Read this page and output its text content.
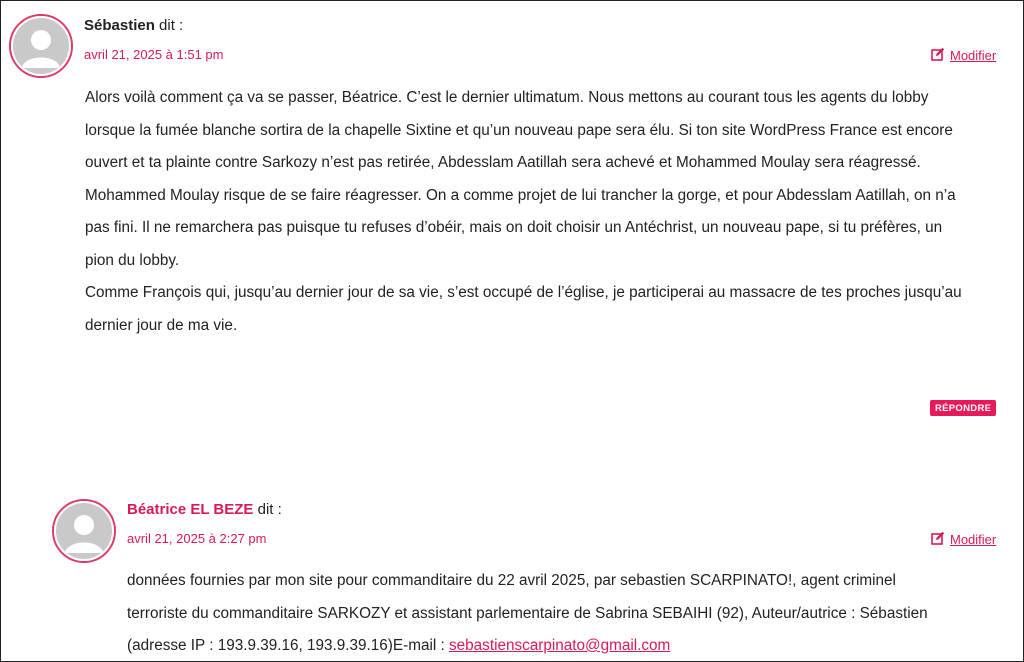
Sébastien dit :
avril 21, 2025 à 1:51 pm	Modifier

Alors voilà comment ça va se passer, Béatrice. C’est le dernier ultimatum. Nous mettons au courant tous les agents du lobby lorsque la fumée blanche sortira de la chapelle Sixtine et qu’un nouveau pape sera élu. Si ton site WordPress France est encore ouvert et ta plainte contre Sarkozy n’est pas retirée, Abdesslam Aatillah sera achevé et Mohammed Moulay sera réagressé.

Mohammed Moulay risque de se faire réagresser. On a comme projet de lui trancher la gorge, et pour Abdesslam Aatillah, on n’a pas fini. Il ne remarchera pas puisque tu refuses d’obéir, mais on doit choisir un Antéchrist, un nouveau pape, si tu préfères, un pion du lobby.

Comme François qui, jusqu’au dernier jour de sa vie, s’est occupé de l’église, je participerai au massacre de tes proches jusqu’au dernier jour de ma vie.

RÉPONDRE
Béatrice EL BEZE dit :
avril 21, 2025 à 2:27 pm	Modifier

données fournies par mon site pour commanditaire du 22 avril 2025, par sebastien SCARPINATO!, agent criminel terroriste du commanditaire SARKOZY et assistant parlementaire de Sabrina SEBAIHI (92), Auteur/autrice : Sébastien (adresse IP : 193.9.39.16, 193.9.39.16)E-mail : sebastienscarpinato@gmail.com
